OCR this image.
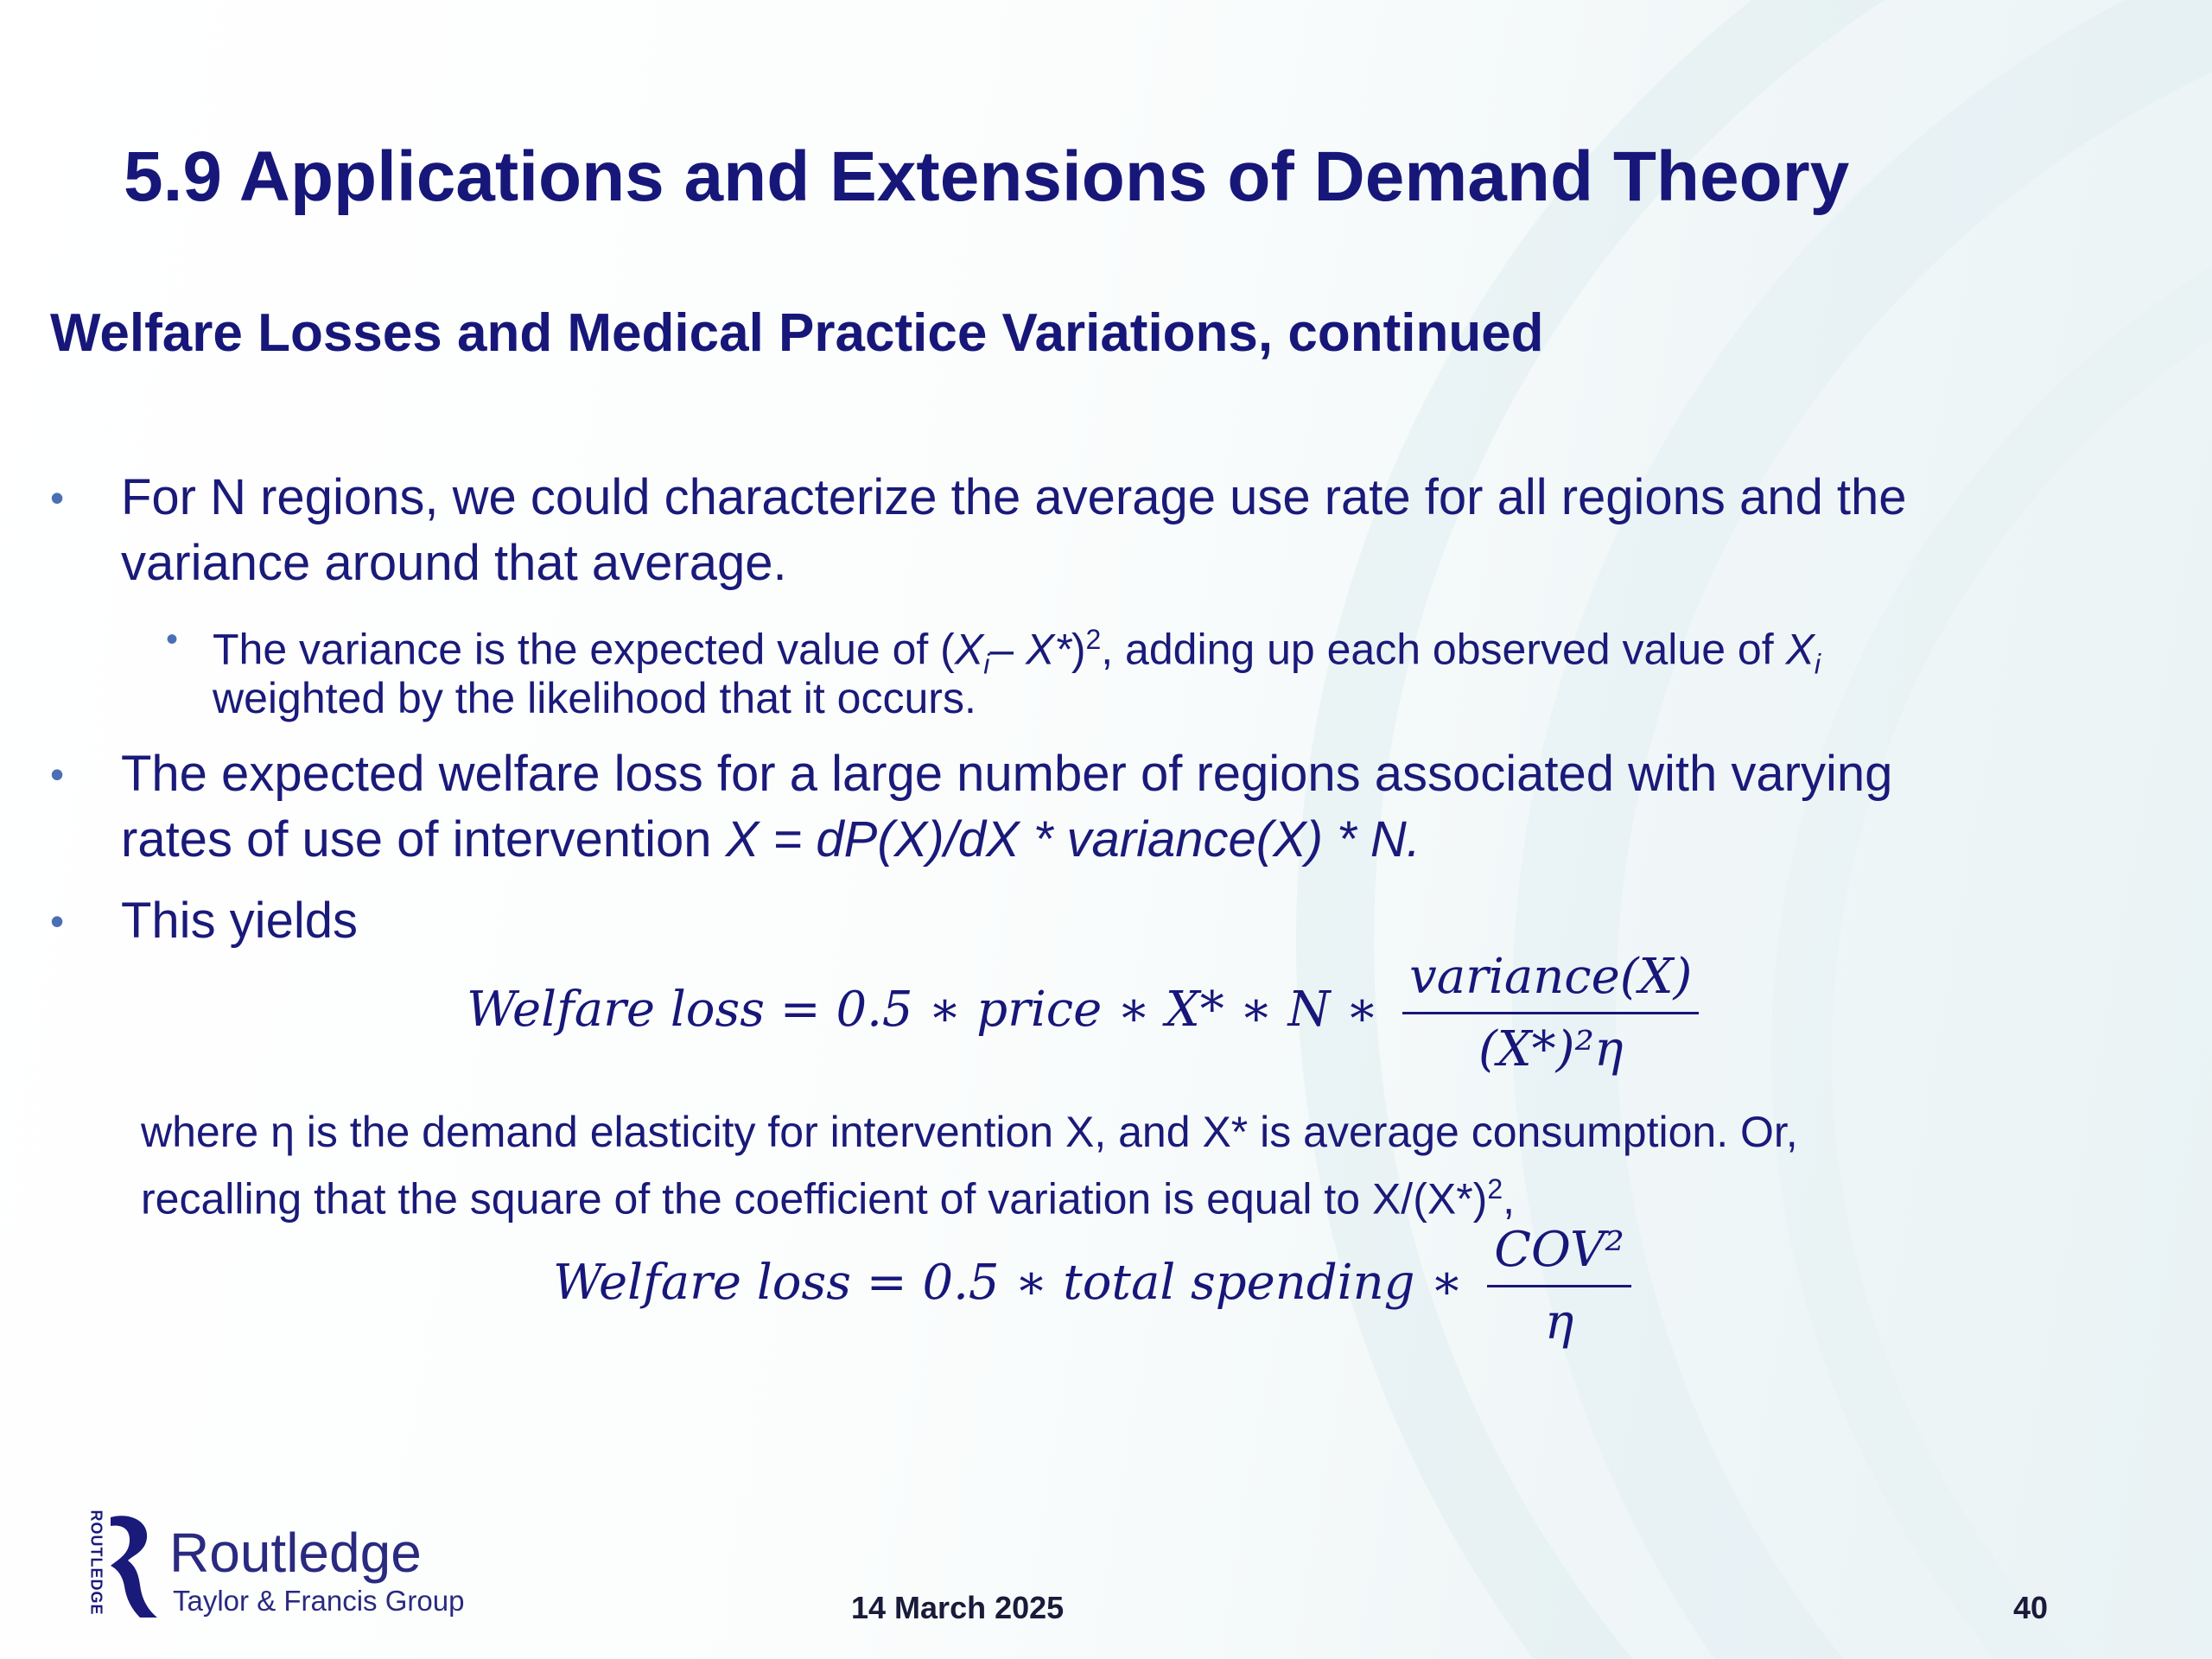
5.9 Applications and Extensions of Demand Theory
Welfare Losses and Medical Practice Variations, continued
• For N regions, we could characterize the average use rate for all regions and the
variance around that average.
• The variance is the expected value of ($X_i-$ X*)$^2$, adding up each observed value of $X_i$
weighted by the likelihood that it occurs.
• The expected welfare loss for a large number of regions associated with varying
rates of use of intervention X = dP(X)/dX * variance(X) * N.
• This yields
Welfare loss = 0.5 ∗ price ∗ X* ∗ N ∗ $\frac{\text{variance(X)}}{\text{(X*)²η}}$
where η is the demand elasticity for intervention X, and X* is average consumption. Or,
recalling that the square of the coefficient of variation is equal to $X/(X*)^2$,
Welfare loss = 0.5 ∗ total spending ∗ $\frac{\text{COV²}}{\eta}$
ROUTLEDGE Routledge
Taylor & Francis Group	14 March 2025	40
